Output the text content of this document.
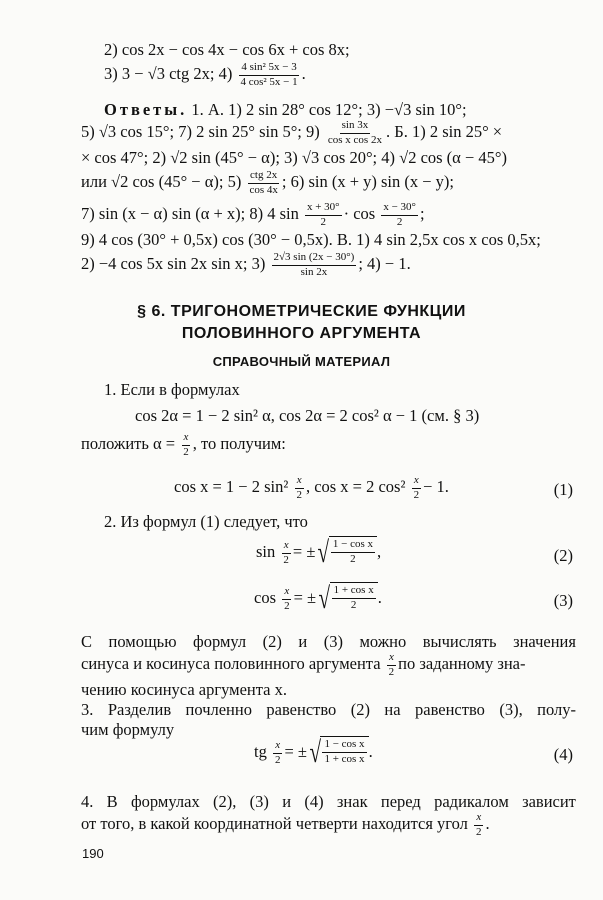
2) cos 2x − cos 4x − cos 6x + cos 8x;
3) 3 − √3 ctg 2x; $4) \frac{\text{4 sin² 5x − 3}}{\text{4 cos² 5x − 1}}$ .
Ответы. 1. А. 1) 2 sin 28° cos 12°; 3) −√3 sin 10°;
5) √3 cos 15°; 7) 2 sin 25° sin 5°; $9) \frac{\sin 3x}{\text{cos x cos 2x}}$ . Б. 1) 2 sin 25° ×
× cos 47°; 2) √2 sin (45° − α); 3) √3 cos 20°; 4) √2 cos (α − 45°)
или √2 cos (45° − α); $5) \frac{\text{ctg 2x}}{\cos 4x}$ ; 6) sin (x + y) sin (x − y);
7) sin (x − α) sin (α + x); 8) 4 $\sin \frac{x + 30^\circ}{2} \cdot \cos \frac{x - 30^\circ}{2}$ ;
9) 4 cos (30° + 0,5x) cos (30° − 0,5x). В. 1) 4 sin 2,5x cos x cos 0,5x;
2) −4 cos 5x sin 2x sin x; $3) \frac{2√3 \sin (2x - 30^\circ)}{\sin 2x}$ ; 4) − 1.
§ 6. ТРИГОНОМЕТРИЧЕСКИЕ ФУНКЦИИ
ПОЛОВИННОГО АРГУМЕНТА
СПРАВОЧНЫЙ МАТЕРИАЛ
1. Если в формулах
cos 2α = 1 − 2 sin² α, cos 2α = 2 cos² α − 1 (см. § 3)
положить $\alpha = \frac{x}{2}$ , то получим:
cos x = 1 − 2 $\sin^2 \frac{x}{2}$ , cos x = 2 $\cos^2 \frac{x}{2} - 1$.	(1)
2. Из формул (1) следует, что
$\sin \frac{x}{2}$ = ± √ $\frac{\text{1 − cos x}}{2}$ ,	(2)
$\cos \frac{x}{2}$ = ± √ $\frac{\text{1 + cos x}}{2}$ .	(3)
С помощью формул (2) и (3) можно вычислять значения
синуса и косинуса половинного аргумента $\frac{x}{2}$ по заданному зна-
чению косинуса аргумента x.
3. Разделив почленно равенство (2) на равенство (3), полу-
чим формулу
tg $\frac{x}{2}$ = ± √ $\frac{\text{1 − cos x}}{\text{1 + cos x}}$ .	(4)
4. В формулах (2), (3) и (4) знак перед радикалом зависит
от того, в какой координатной четверти находится угол $\frac{x}{2}$ .
190
